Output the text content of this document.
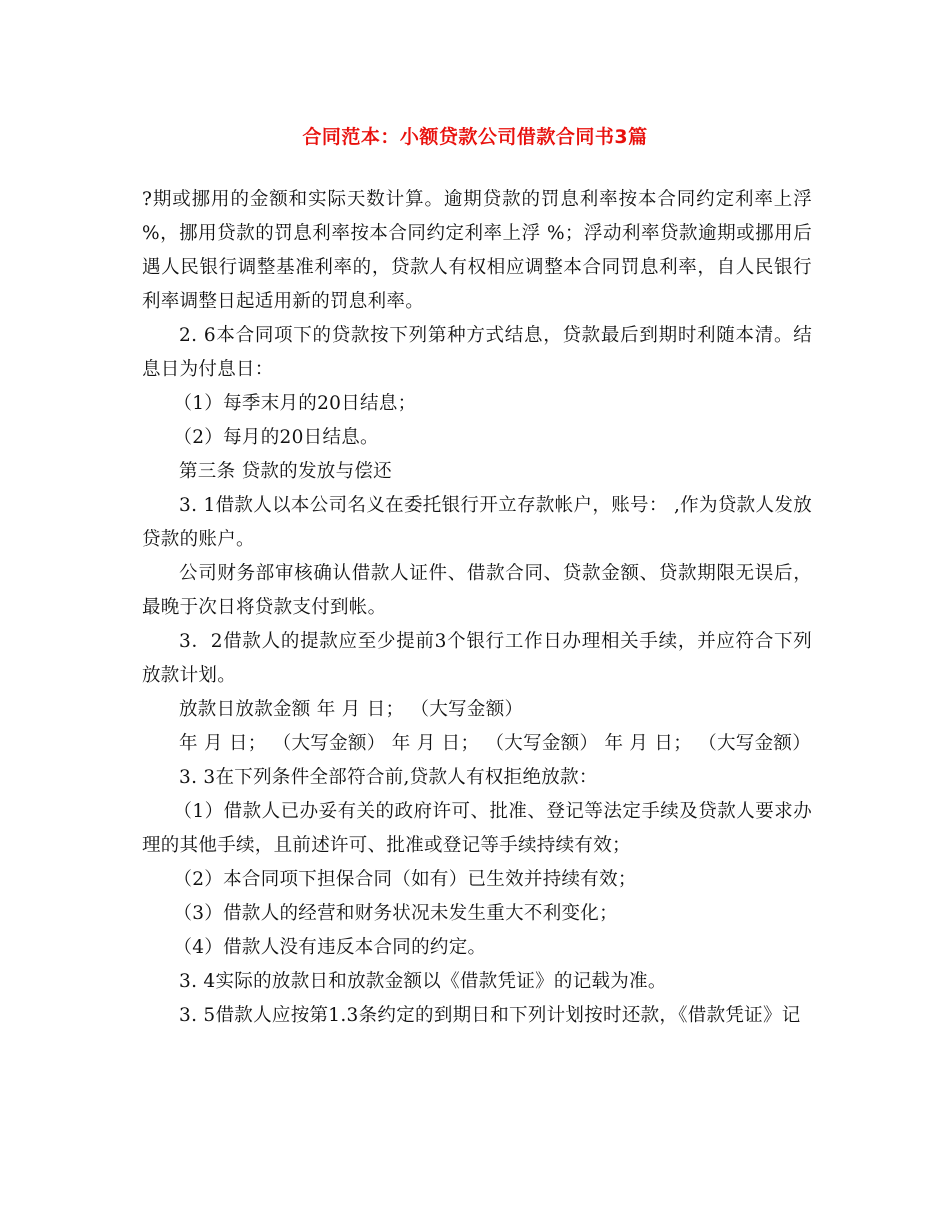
合同范本：小额贷款公司借款合同书3篇

?期或挪用的金额和实际天数计算。逾期贷款的罚息利率按本合同约定利率上浮 %，挪用贷款的罚息利率按本合同约定利率上浮 %；浮动利率贷款逾期或挪用后遇人民银行调整基准利率的，贷款人有权相应调整本合同罚息利率，自人民银行利率调整日起适用新的罚息利率。

2. 6本合同项下的贷款按下列第种方式结息，贷款最后到期时利随本清。结息日为付息日：

（1）每季末月的20日结息；

（2）每月的20日结息。

第三条 贷款的发放与偿还

3. 1借款人以本公司名义在委托银行开立存款帐户，账号： ,作为贷款人发放贷款的账户。

公司财务部审核确认借款人证件、借款合同、贷款金额、贷款期限无误后，最晚于次日将贷款支付到帐。

3．2借款人的提款应至少提前3个银行工作日办理相关手续，并应符合下列放款计划。

放款日放款金额 年 月 日； （大写金额）

年 月 日； （大写金额） 年 月 日； （大写金额） 年 月 日； （大写金额）

3. 3在下列条件全部符合前,贷款人有权拒绝放款：

（1）借款人已办妥有关的政府许可、批准、登记等法定手续及贷款人要求办理的其他手续，且前述许可、批准或登记等手续持续有效；

（2）本合同项下担保合同（如有）已生效并持续有效；

（3）借款人的经营和财务状况未发生重大不利变化；

（4）借款人没有违反本合同的约定。

3. 4实际的放款日和放款金额以《借款凭证》的记载为准。

3. 5借款人应按第1.3条约定的到期日和下列计划按时还款，《借款凭证》记
